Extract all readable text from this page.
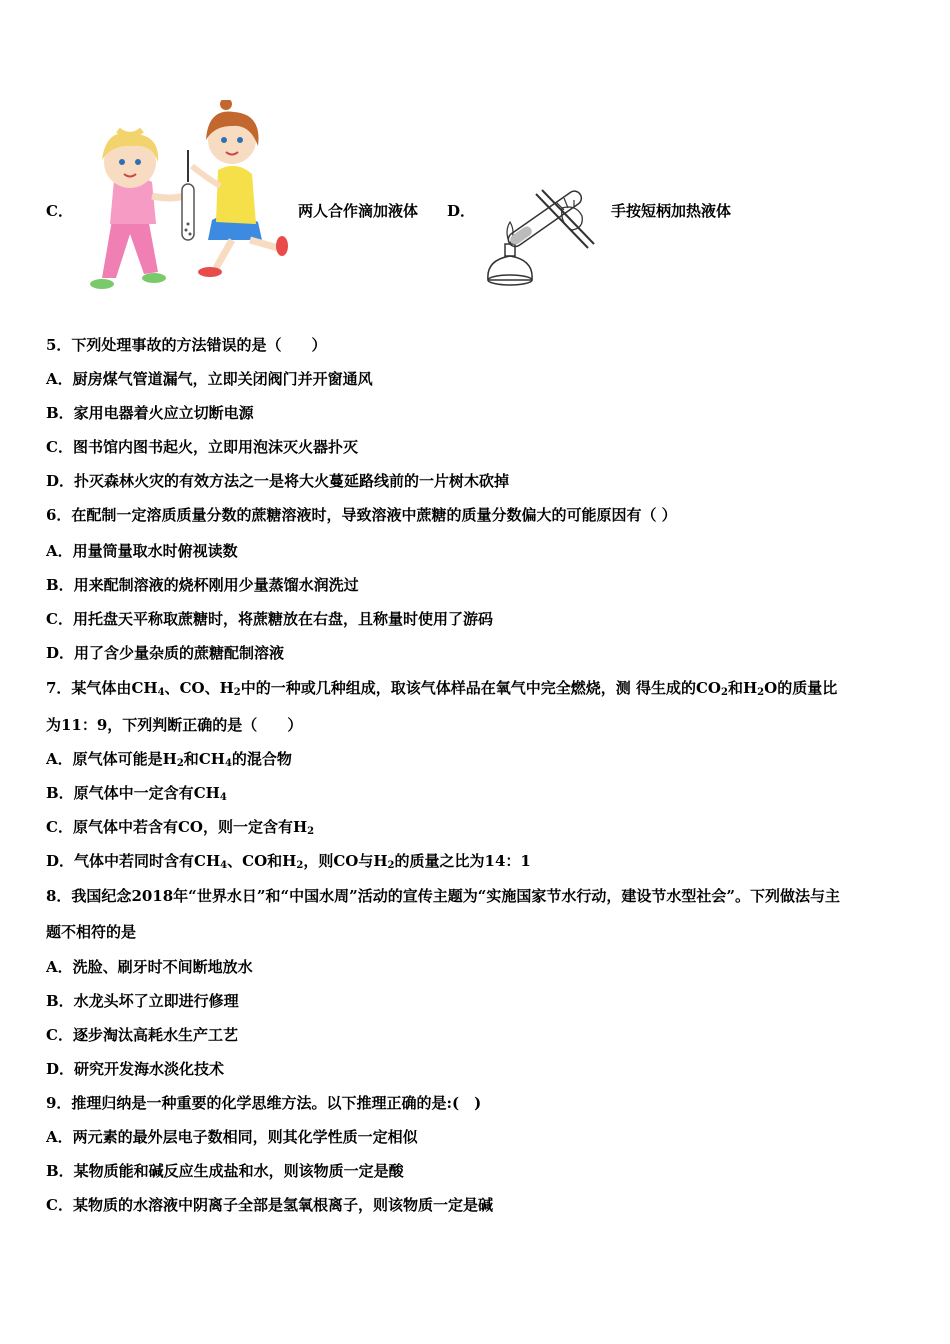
C．	两人合作滴加液体 D．	手按短柄加热液体
5．下列处理事故的方法错误的是（　　）
A．厨房煤气管道漏气，立即关闭阀门并开窗通风
B．家用电器着火应立切断电源
C．图书馆内图书起火，立即用泡沫灭火器扑灭
D．扑灭森林火灾的有效方法之一是将大火蔓延路线前的一片树木砍掉
6．在配制一定溶质质量分数的蔗糖溶液时，导致溶液中蔗糖的质量分数偏大的可能原因有（ ）
A．用量筒量取水时俯视读数
B．用来配制溶液的烧杯刚用少量蒸馏水润洗过
C．用托盘天平称取蔗糖时，将蔗糖放在右盘，且称量时使用了游码
D．用了含少量杂质的蔗糖配制溶液
7．某气体由$CH_4$、CO、$H_2$中的一种或几种组成，取该气体样品在氧气中完全燃烧，测 得生成的$CO_2$和$H_2O$的质量比
为11：9，下列判断正确的是（　　）
A．原气体可能是$H_2$和$CH_4$的混合物
B．原气体中一定含有$CH_4$
C．原气体中若含有CO，则一定含有$H_2$
D．气体中若同时含有$CH_4$、CO和$H_2$，则CO与$H_2$的质量之比为14：1
8．我国纪念2018年“世界水日”和“中国水周”活动的宣传主题为“实施国家节水行动，建设节水型社会”。下列做法与主
题不相符的是
A．洗脸、刷牙时不间断地放水
B．水龙头坏了立即进行修理
C．逐步淘汰高耗水生产工艺
D．研究开发海水淡化技术
9．推理归纳是一种重要的化学思维方法。以下推理正确的是:(　)
A．两元素的最外层电子数相同，则其化学性质一定相似
B．某物质能和碱反应生成盐和水，则该物质一定是酸
C．某物质的水溶液中阴离子全部是氢氧根离子，则该物质一定是碱
